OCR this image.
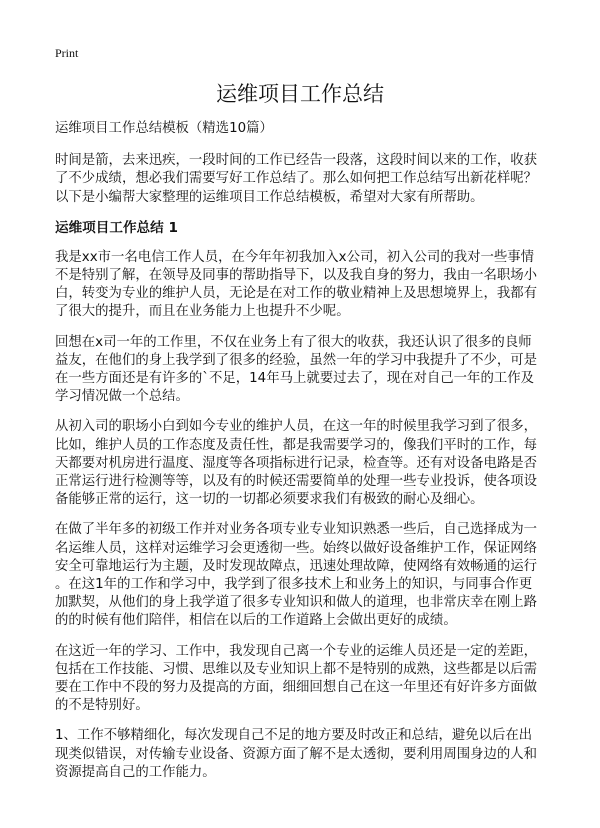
Print
运维项目工作总结
运维项目工作总结模板（精选10篇）

时间是箭，去来迅疾，一段时间的工作已经告一段落，这段时间以来的工作，收获
了不少成绩，想必我们需要写好工作总结了。那么如何把工作总结写出新花样呢？
以下是小编帮大家整理的运维项目工作总结模板，希望对大家有所帮助。

运维项目工作总结 1

我是xx市一名电信工作人员，在今年年初我加入x公司，初入公司的我对一些事情
不是特别了解，在领导及同事的帮助指导下，以及我自身的努力，我由一名职场小
白，转变为专业的维护人员，无论是在对工作的敬业精神上及思想境界上，我都有
了很大的提升，而且在业务能力上也提升不少呢。

回想在x司一年的工作里，不仅在业务上有了很大的收获，我还认识了很多的良师
益友，在他们的身上我学到了很多的经验，虽然一年的学习中我提升了不少，可是
在一些方面还是有许多的`不足，14年马上就要过去了，现在对自己一年的工作及
学习情况做一个总结。

从初入司的职场小白到如今专业的维护人员，在这一年的时候里我学习到了很多，
比如，维护人员的工作态度及责任性，都是我需要学习的，像我们平时的工作，每
天都要对机房进行温度、湿度等各项指标进行记录，检查等。还有对设备电路是否
正常运行进行检测等等，以及有的时候还需要简单的处理一些专业投诉，使各项设
备能够正常的运行，这一切的一切都必须要求我们有极致的耐心及细心。

在做了半年多的初级工作并对业务各项专业专业知识熟悉一些后，自己选择成为一
名运维人员，这样对运维学习会更透彻一些。始终以做好设备维护工作，保证网络
安全可靠地运行为主题，及时发现故障点，迅速处理故障，使网络有效畅通的运行
。在这1年的工作和学习中，我学到了很多技术上和业务上的知识，与同事合作更
加默契，从他们的身上我学道了很多专业知识和做人的道理，也非常庆幸在刚上路
的的时候有他们陪伴，相信在以后的工作道路上会做出更好的成绩。

在这近一年的学习、工作中，我发现自己离一个专业的运维人员还是一定的差距，
包括在工作技能、习惯、思维以及专业知识上都不是特别的成熟，这些都是以后需
要在工作中不段的努力及提高的方面，细细回想自己在这一年里还有好许多方面做
的不是特别好。

1、工作不够精细化，每次发现自己不足的地方要及时改正和总结，避免以后在出
现类似错误，对传输专业设备、资源方面了解不是太透彻，要利用周围身边的人和
资源提高自己的工作能力。
